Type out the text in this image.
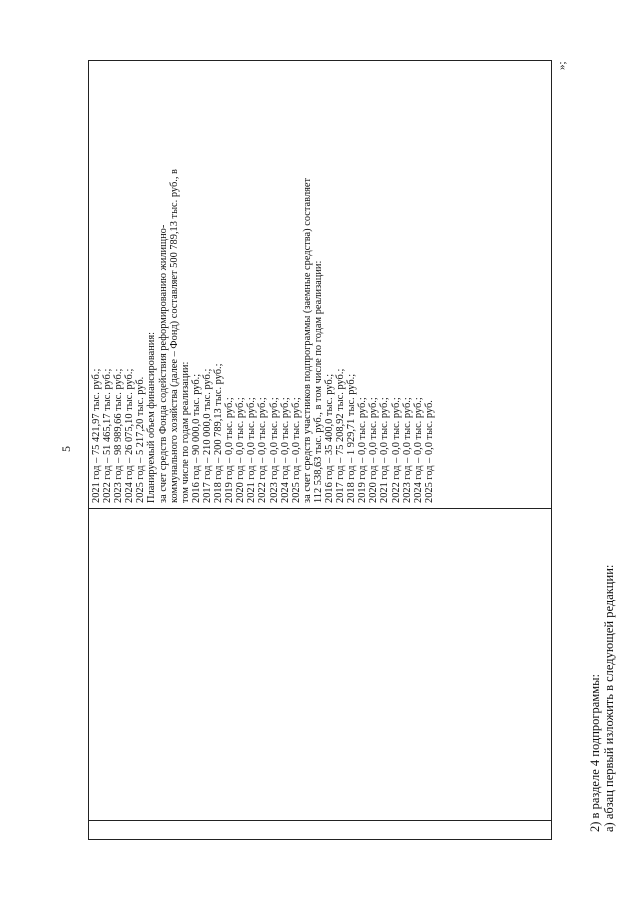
5 2021 год – 75 421,97 тыс. руб.; 2022 год – 51 465,17 тыс. руб.; 2023 год – 98 989,66 тыс. руб.; 2024 год – 26 075,10 тыс. руб.; 2025 год – 5 217,20 тыс. руб. Планируемый объем финансирования: за счет средств Фонда содействия реформированию жилищно- коммунального хозяйства (далее – Фонд) составляет 500 789,13 тыс. руб., в том числе по годам реализации: 2016 год – 90 000,0 тыс. руб.; 2017 год – 210 000,0 тыс. руб.; 2018 год – 200 789,13 тыс. руб.; 2019 год – 0,0 тыс. руб.; 2020 год – 0,0 тыс. руб.; 2021 год – 0,0 тыс. руб.; 2022 год – 0,0 тыс. руб.; 2023 год – 0,0 тыс. руб.; 2024 год – 0,0 тыс. руб.; 2025 год – 0,0 тыс. руб.; за счет средств участников подпрограммы (заемные средства) составляет 112 538,63 тыс. руб., в том числе по годам реализации: 2016 год – 35 400,0 тыс. руб.; 2017 год – 75 208,92 тыс. руб.; 2018 год – 1 929,71 тыс. руб.; 2019 год – 0,0 тыс. руб.; 2020 год – 0,0 тыс. руб.; 2021 год – 0,0 тыс. руб.; 2022 год – 0,0 тыс. руб.; 2023 год – 0,0 тыс. руб.; 2024 год – 0,0 тыс. руб.; 2025 год – 0,0 тыс. руб.
»;
2) в разделе 4 подпрограммы: а) абзац первый изложить в следующей редакции:
